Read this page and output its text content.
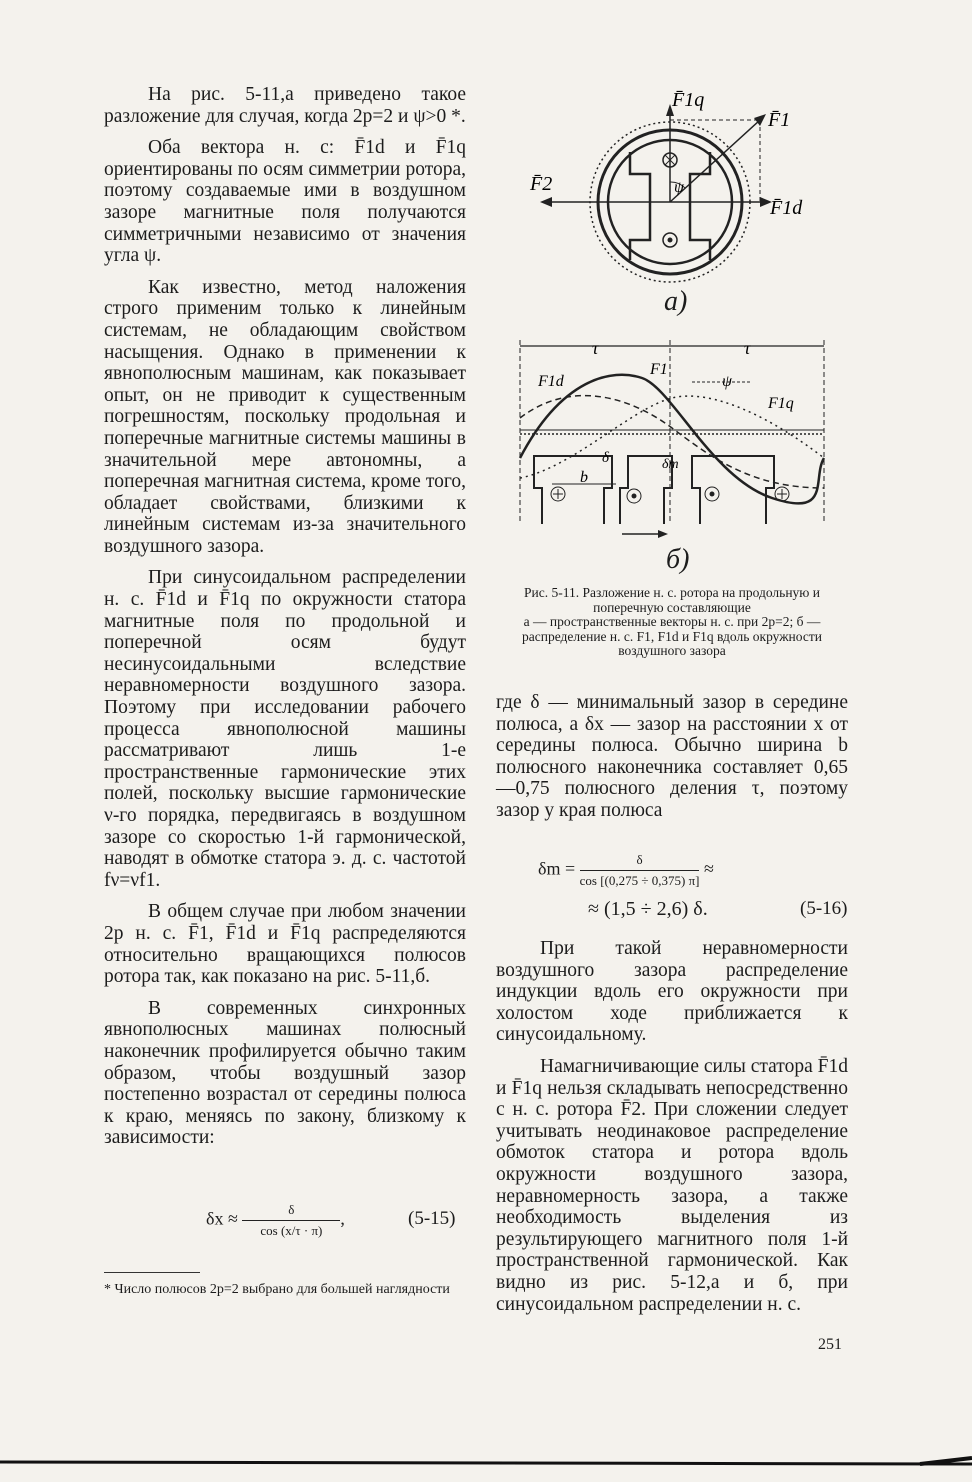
На рис. 5-11,а приведено такое разложение для случая, когда 2p=2 и ψ>0 *.

Оба вектора н. с: F̄1d и F̄1q ориентированы по осям симметрии ротора, поэтому создаваемые ими в воздушном зазоре магнитные поля получаются симметричными независимо от значения угла ψ.

Как известно, метод наложения строго применим только к линейным системам, не обладающим свойством насыщения. Однако в применении к явнополюсным машинам, как показывает опыт, он не приводит к существенным погрешностям, поскольку продольная и поперечные магнитные системы машины в значительной мере автономны, а поперечная магнитная система, кроме того, обладает свойствами, близкими к линейным системам из-за значительного воздушного зазора.

При синусоидальном распределении н. с. F̄1d и F̄1q по окружности статора магнитные поля по продольной и поперечной осям будут несинусоидальными вследствие неравномерности воздушного зазора. Поэтому при исследовании рабочего процесса явнополюсной машины рассматривают лишь 1-е пространственные гармонические этих полей, поскольку высшие гармонические ν-го порядка, передвигаясь в воздушном зазоре со скоростью 1-й гармонической, наводят в обмотке статора э. д. с. частотой fν=νf1.

В общем случае при любом значении 2p н. с. F̄1, F̄1d и F̄1q распределяются относительно вращающихся полюсов ротора так, как показано на рис. 5-11,б.

В современных синхронных явнополюсных машинах полюсный наконечник профилируется обычно таким образом, чтобы воздушный зазор постепенно возрастал от середины полюса к краю, меняясь по закону, близкому к зависимости:

$\delta x \approx \frac{\delta}{\cos (x/\tau \cdot \pi)}$ ,	(5-15)
* Число полюсов 2p=2 выбрано для большей наглядности
ψ
F̄1q
F̄1
F̄2
F̄1d
а)
τ	τ
b
δ	δm
F1d
F1
F1q
ψ
б)
Рис. 5-11. Разложение н. с. ротора на продольную и поперечную составляющие
а — пространственные векторы н. с. при 2p=2; б — распределение н. с. F1, F1d и F1q вдоль окружности воздушного зазора

где δ — минимальный зазор в середине полюса, а δx — зазор на расстоянии x от середины полюса. Обычно ширина b полюсного наконечника составляет 0,65—0,75 полюсного деления τ, поэтому зазор у края полюса

$\delta m = \frac{\delta}{\cos [(0,275 \div 0,375) \pi]}$ ≈
≈ (1,5 ÷ 2,6) δ.	(5-16)

При такой неравномерности воздушного зазора распределение индукции вдоль его окружности при холостом ходе приближается к синусоидальному.

Намагничивающие силы статора F̄1d и F̄1q нельзя складывать непосредственно с н. с. ротора F̄2. При сложении следует учитывать неодинаковое распределение обмоток статора и ротора вдоль окружности воздушного зазора, неравномерность зазора, а также необходимость выделения из результирующего магнитного поля 1-й пространственной гармонической. Как видно из рис. 5-12,а и б, при синусоидальном распределении н. с.

251
